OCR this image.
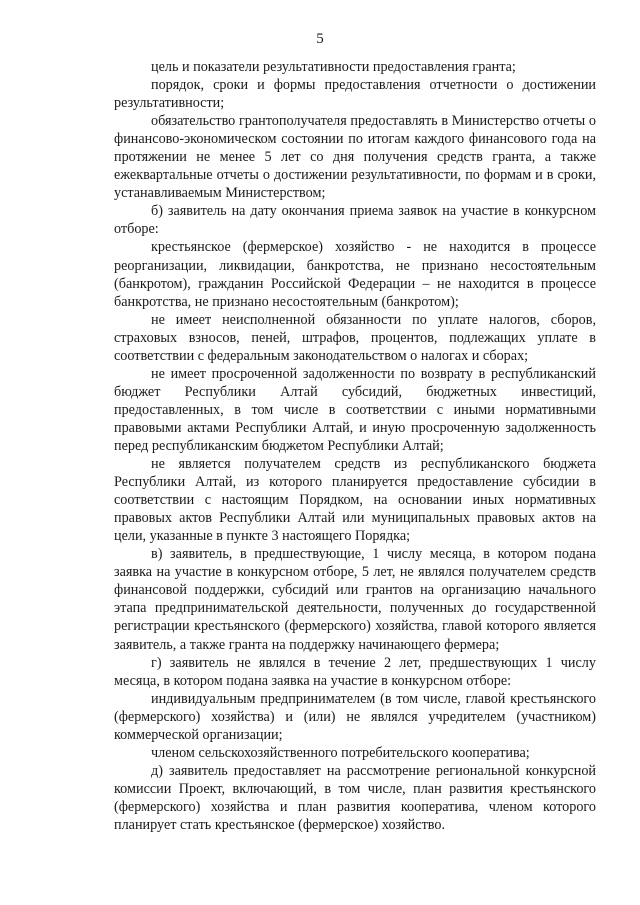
5

цель и показатели результативности предоставления гранта;

порядок, сроки и формы предоставления отчетности о достижении результативности;

обязательство грантополучателя предоставлять в Министерство отчеты о финансово-экономическом состоянии по итогам каждого финансового года на протяжении не менее 5 лет со дня получения средств гранта, а также ежеквартальные отчеты о достижении результативности, по формам и в сроки, устанавливаемым Министерством;

б) заявитель на дату окончания приема заявок на участие в конкурсном отборе:

крестьянское (фермерское) хозяйство - не находится в процессе реорганизации, ликвидации, банкротства, не признано несостоятельным (банкротом), гражданин Российской Федерации – не находится в процессе банкротства, не признано несостоятельным (банкротом);

не имеет неисполненной обязанности по уплате налогов, сборов, страховых взносов, пеней, штрафов, процентов, подлежащих уплате в соответствии с федеральным законодательством о налогах и сборах;

не имеет просроченной задолженности по возврату в республиканский бюджет Республики Алтай субсидий, бюджетных инвестиций, предоставленных, в том числе в соответствии с иными нормативными правовыми актами Республики Алтай, и иную просроченную задолженность перед республиканским бюджетом Республики Алтай;

не является получателем средств из республиканского бюджета Республики Алтай, из которого планируется предоставление субсидии в соответствии с настоящим Порядком, на основании иных нормативных правовых актов Республики Алтай или муниципальных правовых актов на цели, указанные в пункте 3 настоящего Порядка;

в) заявитель, в предшествующие, 1 числу месяца, в котором подана заявка на участие в конкурсном отборе, 5 лет, не являлся получателем средств финансовой поддержки, субсидий или грантов на организацию начального этапа предпринимательской деятельности, полученных до государственной регистрации крестьянского (фермерского) хозяйства, главой которого является заявитель, а также гранта на поддержку начинающего фермера;

г) заявитель не являлся в течение 2 лет, предшествующих 1 числу месяца, в котором подана заявка на участие в конкурсном отборе:

индивидуальным предпринимателем (в том числе, главой крестьянского (фермерского) хозяйства) и (или) не являлся учредителем (участником) коммерческой организации;

членом сельскохозяйственного потребительского кооператива;

д) заявитель предоставляет на рассмотрение региональной конкурсной комиссии Проект, включающий, в том числе, план развития крестьянского (фермерского) хозяйства и план развития кооператива, членом которого планирует стать крестьянское (фермерское) хозяйство.
